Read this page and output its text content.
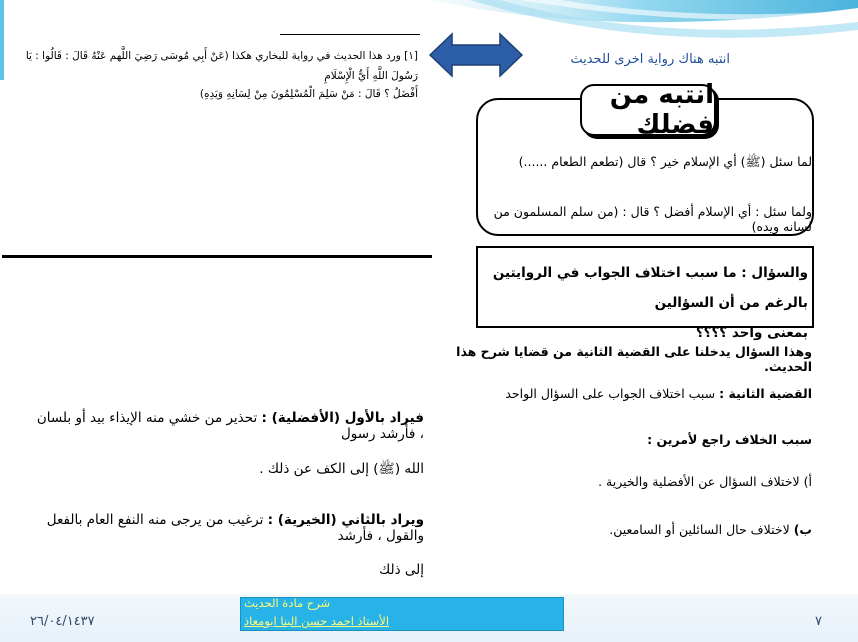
[١] ورد هذا الحديث في رواية للبخاري هكذا (عَنْ أَبِي مُوسَى رَضِيَ اللَّهم عَنْهُ قَالَ : قَالُوا : يَا رَسُولَ اللَّهِ أَيُّ الْإِسْلَامِ
أَفْضَلُ ؟ قَالَ : مَنْ سَلِمَ الْمُسْلِمُونَ مِنْ لِسَانِهِ وَيَدِهِ)
انتبه هناك رواية اخرى للحديث
انتبه من فضلك
لما سئل (ﷺ) أي الإسلام خير ؟ قال (تطعم الطعام ......)
ولما سئل : أي الإسلام أفضل ؟ قال : (من سلم المسلمون من لسانه ويده)
والسؤال : ما سبب اختلاف الجواب في الروايتين بالرغم من أن السؤالين
بمعنى واحد ؟؟؟؟
وهذا السؤال يدخلنا على القضية الثانية من قضايا شرح هذا الحديث.
القضية الثانية : سبب اختلاف الجواب على السؤال الواحد
سبب الخلاف راجع لأمرين :
أ) لاختلاف السؤال عن الأفضلية والخيرية .
ب) لاختلاف حال السائلين أو السامعين.
فيراد بالأول (الأفضلية) : تحذير من خشي منه الإيذاء بيد أو بلسان ، فأرشد رسول
الله (ﷺ) إلى الكف عن ذلك .
ويراد بالثاني (الخيرية) : ترغيب من يرجى منه النفع العام بالفعل والقول ، فأرشد
إلى ذلك
٢٦/٠٤/١٤٣٧
شرح مادة الحديث
الأستاذ احمد حسن البنا ابومعاذ	٧
